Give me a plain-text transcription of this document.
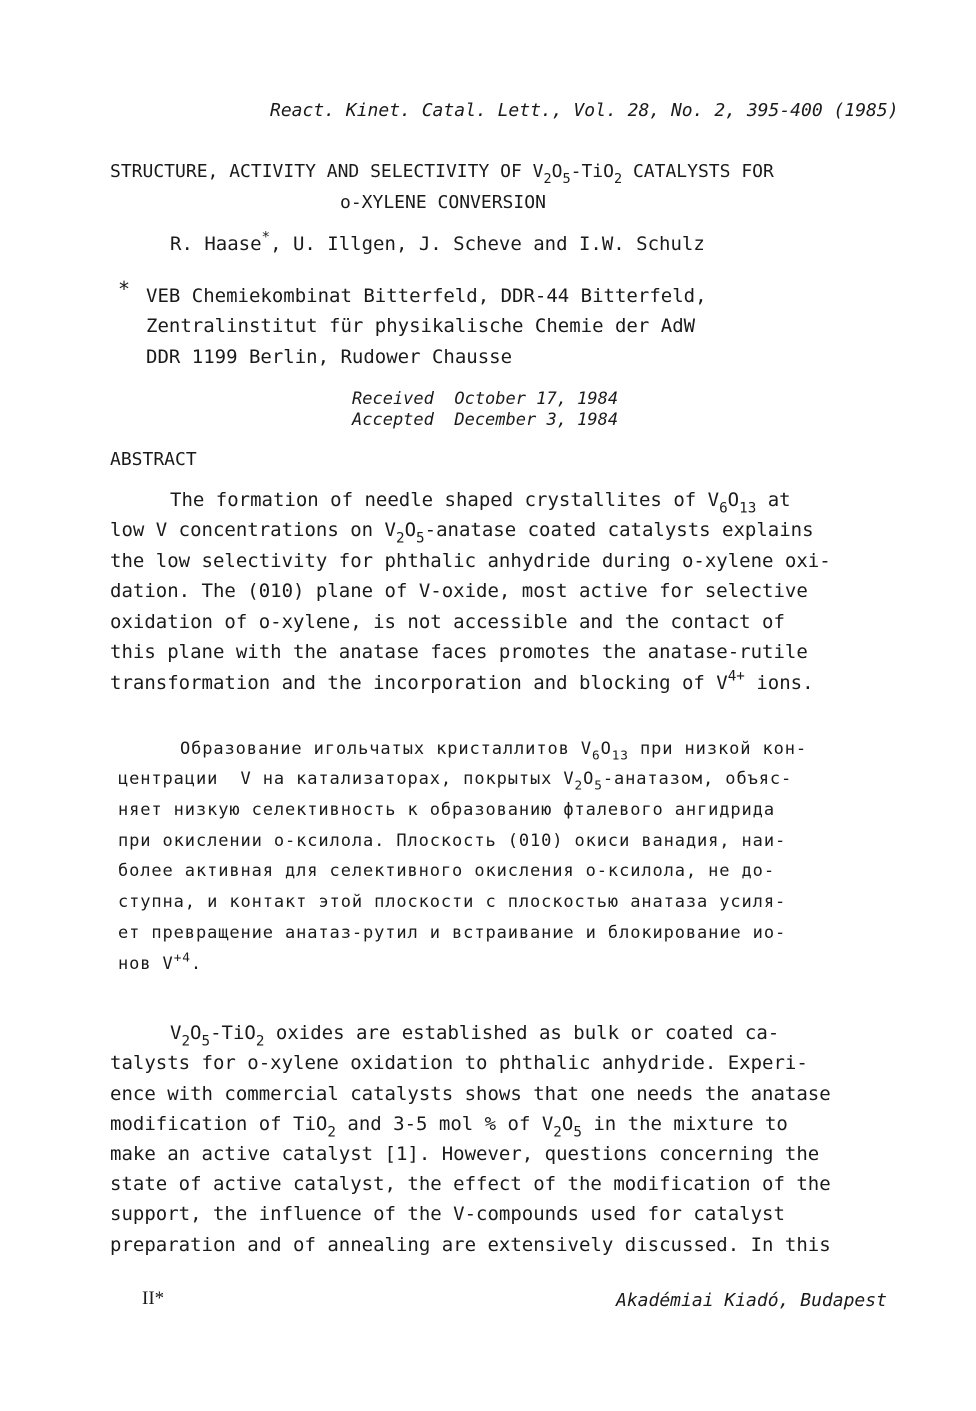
React. Kinet. Catal. Lett., Vol. 28, No. 2, 395-400 (1985)
STRUCTURE, ACTIVITY AND SELECTIVITY OF $V_2O_5-TiO_2$ CATALYSTS FOR
o-XYLENE CONVERSION
R. Haase*, U. Illgen, J. Scheve and I.W. Schulz
* VEB Chemiekombinat Bitterfeld, DDR-44 Bitterfeld,
Zentralinstitut für physikalische Chemie der AdW
DDR 1199 Berlin, Rudower Chausse
Received  October 17, 1984
Accepted  December 3, 1984
ABSTRACT
The formation of needle shaped crystallites of $V_6O_{13}$ at
low V concentrations on $V_2O_5$-anatase coated catalysts explains
the low selectivity for phthalic anhydride during o-xylene oxi-
dation. The (010) plane of V-oxide, most active for selective
oxidation of o-xylene, is not accessible and the contact of
this plane with the anatase faces promotes the anatase-rutile
transformation and the incorporation and blocking of $V^{4+}$ ions.
Образование игольчатых кристаллитов $V_6O_{13}$ при низкой кон-
центрации  V на катализаторах, покрытых $V_2O_5$-анатазом, объяс-
няет низкую селективность к образованию фталевого ангидрида
при окислении о-ксилола. Плоскость (010) окиси ванадия, наи-
более активная для селективного окисления о-ксилола, не до-
ступна, и контакт этой плоскости с плоскостью анатаза усиля-
ет превращение анатаз-рутил и встраивание и блокирование ио-
нов $V^{+4}$.
$V_2O_5-TiO_2$ oxides are established as bulk or coated ca-
talysts for o-xylene oxidation to phthalic anhydride. Experi-
ence with commercial catalysts shows that one needs the anatase
modification of TiO$_2$ and 3-5 mol % of $V_2O_5$ in the mixture to
make an active catalyst [1]. However, questions concerning the
state of active catalyst, the effect of the modification of the
support, the influence of the V-compounds used for catalyst
preparation and of annealing are extensively discussed. In this
II*	Akadémiai Kiadó, Budapest
